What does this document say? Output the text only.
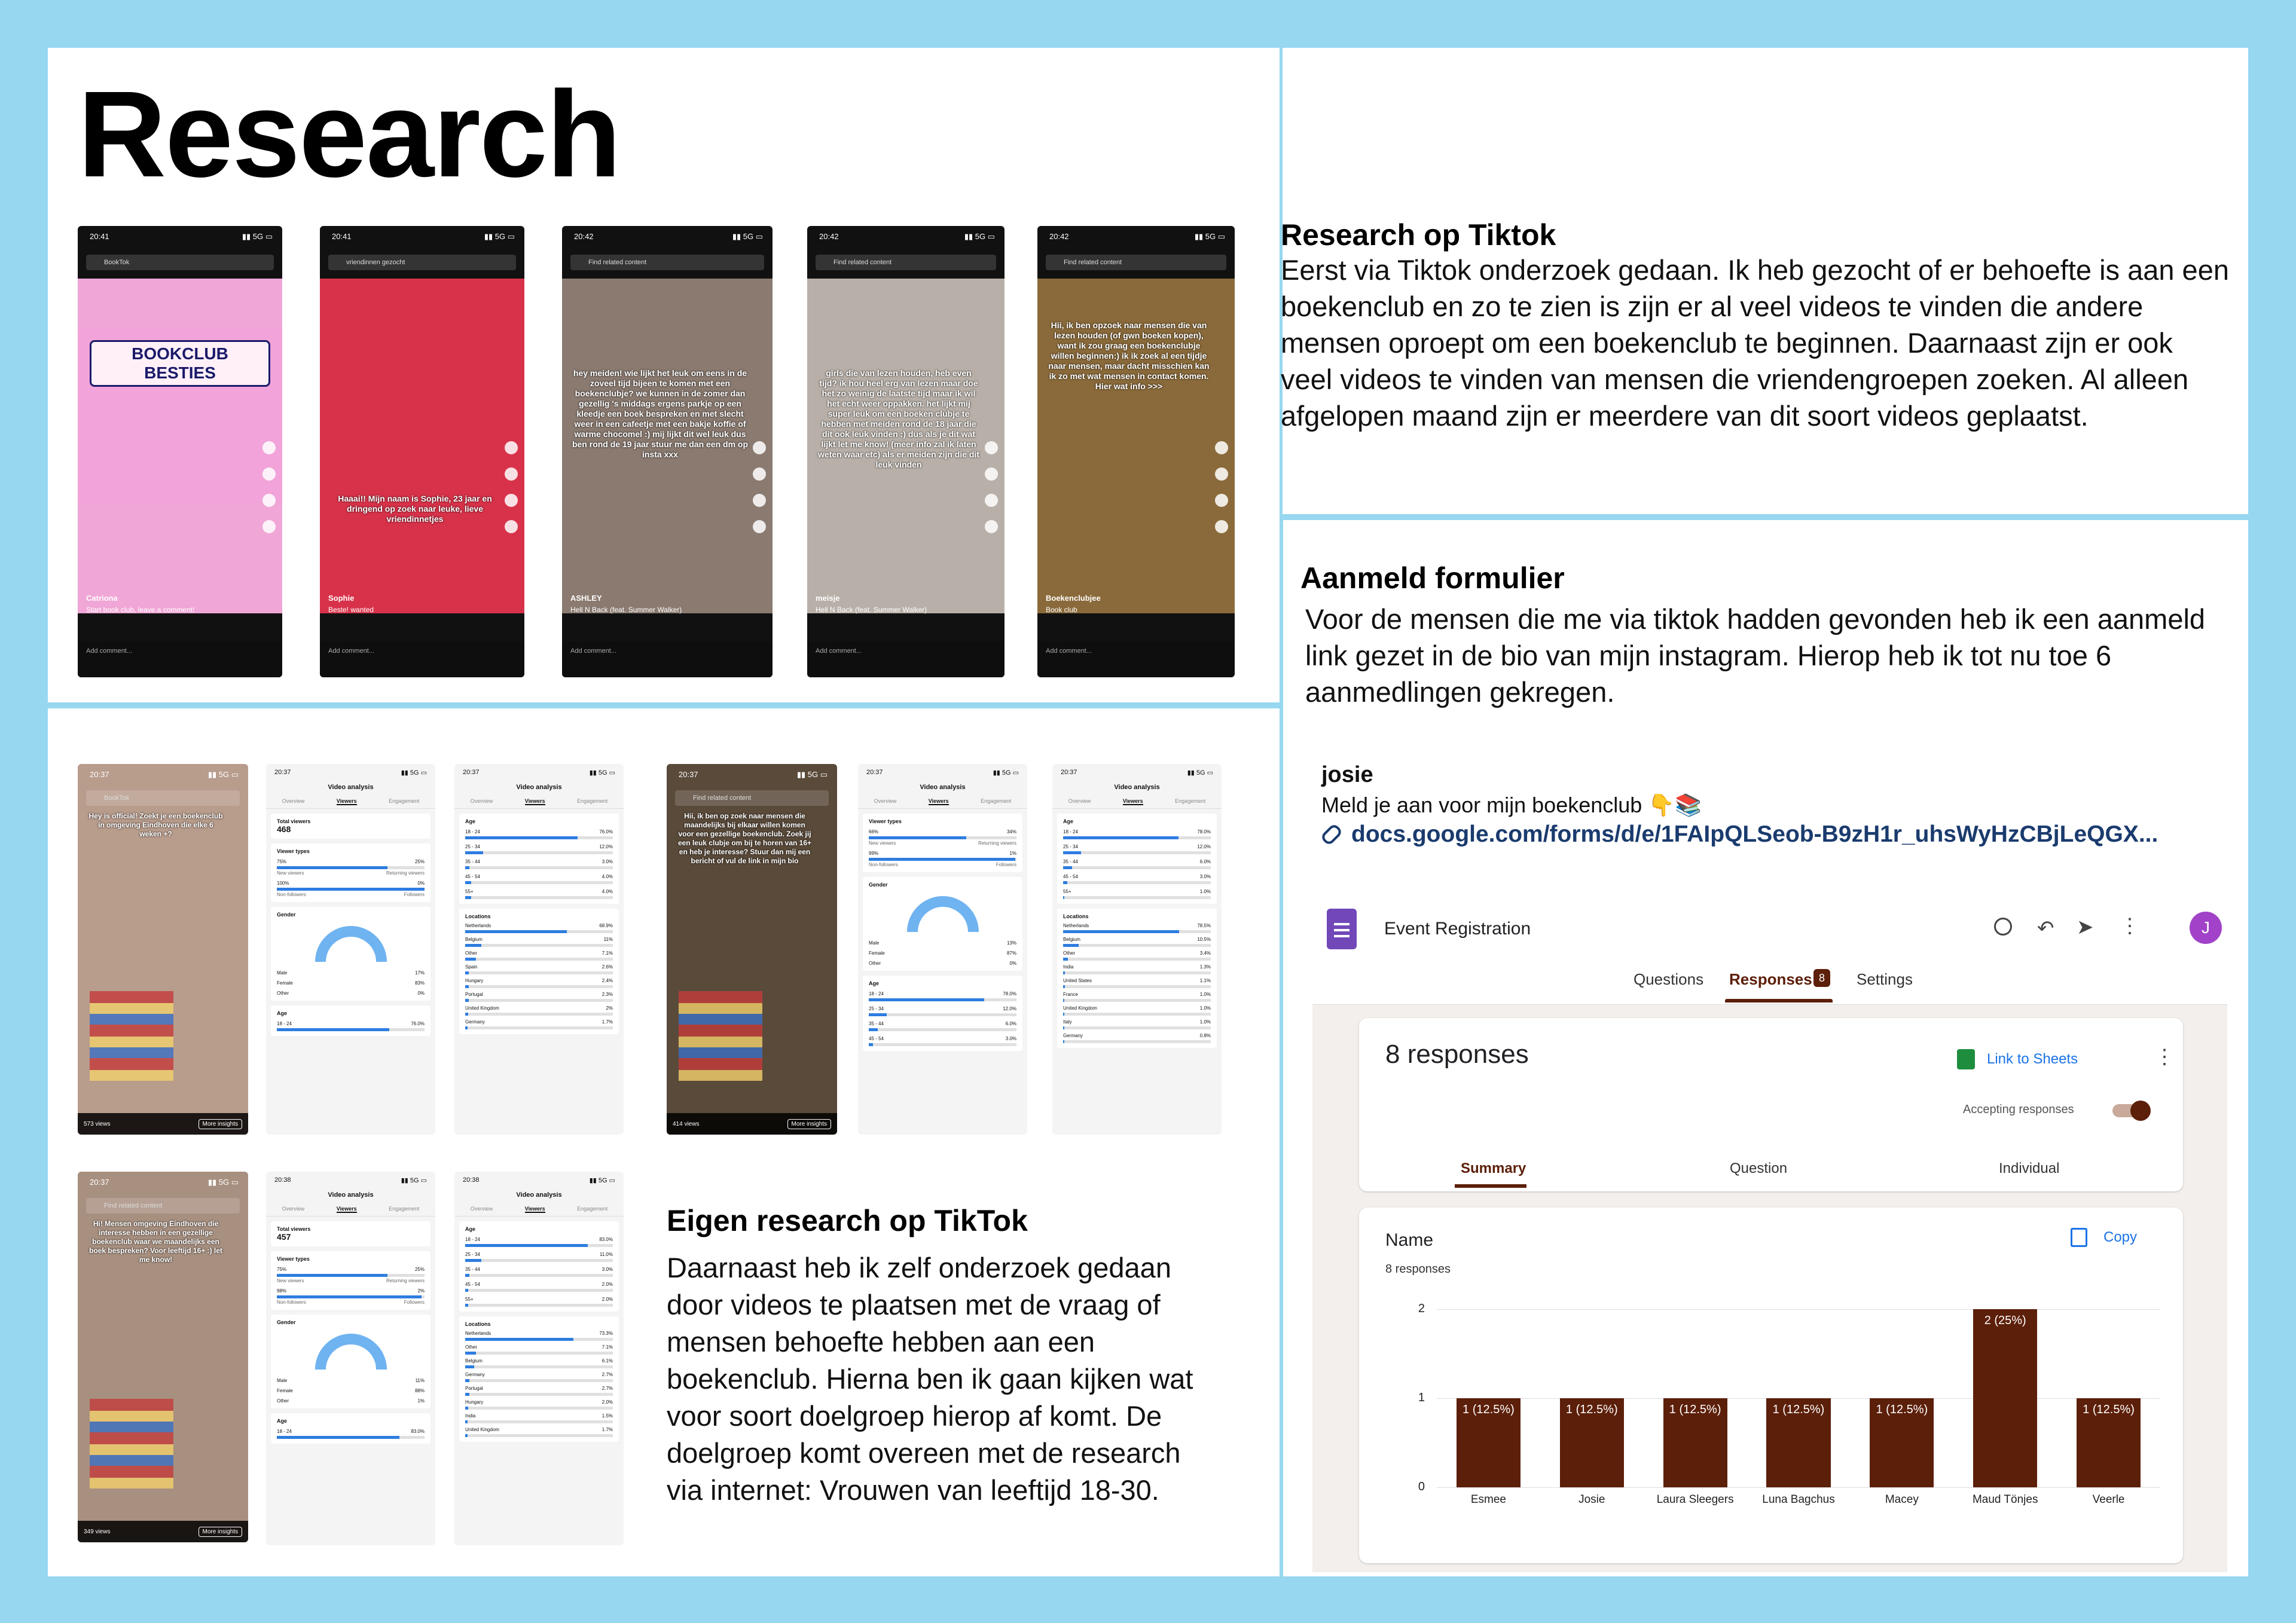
Research

Research op Tiktok

Eerst via Tiktok onderzoek gedaan. Ik heb gezocht of er behoefte is aan een boekenclub en zo te zien is zijn er al veel videos te vinden die andere mensen oproept om een boekenclub te beginnen. Daarnaast zijn er ook veel videos te vinden van mensen die vriendengroepen zoeken. Al alleen afgelopen maand zijn er meerdere van dit soort videos geplaatst.

Aanmeld formulier

Voor de mensen die me via tiktok hadden gevonden heb ik een aanmeld link gezet in de bio van mijn instagram. Hierop heb ik tot nu toe 6 aanmedlingen gekregen.

josie
Meld je aan voor mijn boekenclub 👇📚
docs.google.com/forms/d/e/1FAIpQLSeob-B9zH1r_uhsWyHzCBjLeQGX...

Eigen research op TikTok

Daarnaast heb ik zelf onderzoek gedaan door videos te plaatsen met de vraag of mensen behoefte hebben aan een boekenclub. Hierna ben ik gaan kijken wat voor soort doelgroep hierop af komt. De doelgroep komt overeen met de research via internet: Vrouwen van leeftijd 18-30.

20:41	▮▮ 5G ▭
BookTok
BOOKCLUB BESTIES
Catriona
Start book club, leave a comment!
Add comment...
20:41	▮▮ 5G ▭
vriendinnen gezocht
Haaai!! Mijn naam is Sophie, 23 jaar en dringend op zoek naar leuke, lieve vriendinnetjes
Sophie
Beste! wanted
Add comment...
20:42	▮▮ 5G ▭
Find related content
hey meiden! wie lijkt het leuk om eens in de zoveel tijd bijeen te komen met een boekenclubje? we kunnen in de zomer dan gezellig 's middags ergens parkje op een kleedje een boek bespreken en met slecht weer in een cafeetje met een bakje koffie of warme chocomel :) mij lijkt dit wel leuk dus ben rond de 19 jaar stuur me dan een dm op insta xxx
ASHLEY
Hell N Back (feat. Summer Walker)
Add comment...
20:42	▮▮ 5G ▭
Find related content
girls die van lezen houden, heb even tijd? ik hou heel erg van lezen maar doe het zo weinig de laatste tijd maar ik wil het echt weer oppakken. het lijkt mij super leuk om een boeken clubje te hebben met meiden rond de 18 jaar die dit ook leuk vinden :) dus als je dit wat lijkt let me know! (meer info zal ik laten weten waar etc) als er meiden zijn die dit leuk vinden
meisje
Hell N Back (feat. Summer Walker)
Add comment...
20:42	▮▮ 5G ▭
Find related content
Hii, ik ben opzoek naar mensen die van lezen houden (of gwn boeken kopen), want ik zou graag een boekenclubje willen beginnen:) ik ik zoek al een tijdje naar mensen, maar dacht misschien kan ik zo met wat mensen in contact komen. Hier wat info >>>
Boekenclubjee
Book club
Add comment...
20:37	▮▮ 5G ▭
BookTok
Hey is official! Zoekt je een boekenclub in omgeving Eindhoven die elke 6 weken +?
573 views	More insights
20:37	▮▮ 5G ▭
Find related content
Hii, ik ben op zoek naar mensen die maandelijks bij elkaar willen komen voor een gezellige boekenclub. Zoek jij een leuk clubje om bij te horen van 16+ en heb je interesse? Stuur dan mij een bericht of vul de link in mijn bio
414 views	More insights
20:37	▮▮ 5G ▭
Find related content
Hi! Mensen omgeving Eindhoven die interesse hebben in een gezellige boekenclub waar we maandelijks een boek bespreken? Voor leeftijd 16+ :) let me know!
349 views	More insights
20:37	▮▮ 5G ▭
Video analysis
Overview	Viewers	Engagement
Total viewers
468
Viewer types
75%	25%
New viewers	Returning viewers
100%	0%
Non-followers	Followers
Gender
Male	17%
Female	83%
Other	0%
Age
18 - 24	76.0%
20:37	▮▮ 5G ▭
Video analysis
Overview	Viewers	Engagement
Age
18 - 24	76.0%
25 - 34	12.0%
35 - 44	3.0%
45 - 54	4.0%
55+	4.0%
Locations
Netherlands	68.9%
Belgium	11%
Other	7.1%
Spain	2.6%
Hungary	2.4%
Portugal	2.3%
United Kingdom	2%
Germany	1.7%
20:37	▮▮ 5G ▭
Video analysis
Overview	Viewers	Engagement
Viewer types
66%	34%
New viewers	Returning viewers
99%	1%
Non-followers	Followers
Gender
Male	13%
Female	87%
Other	0%
Age
18 - 24	78.0%
25 - 34	12.0%
35 - 44	6.0%
45 - 54	3.0%
20:37	▮▮ 5G ▭
Video analysis
Overview	Viewers	Engagement
Age
18 - 24	78.0%
25 - 34	12.0%
35 - 44	6.0%
45 - 54	3.0%
55+	1.0%
Locations
Netherlands	78.5%
Belgium	10.5%
Other	3.4%
India	1.3%
United States	1.1%
France	1.0%
United Kingdom	1.0%
Italy	1.0%
Germany	0.8%
20:38	▮▮ 5G ▭
Video analysis
Overview	Viewers	Engagement
Total viewers
457
Viewer types
75%	25%
New viewers	Returning viewers
98%	2%
Non-followers	Followers
Gender
Male	11%
Female	88%
Other	1%
Age
18 - 24	83.0%
20:38	▮▮ 5G ▭
Video analysis
Overview	Viewers	Engagement
Age
18 - 24	83.0%
25 - 34	11.0%
35 - 44	3.0%
45 - 54	2.0%
55+	2.0%
Locations
Netherlands	73.3%
Other	7.1%
Belgium	6.1%
Germany	2.7%
Portugal	2.7%
Hungary	2.0%
India	1.5%
United Kingdom	1.7%
Event Registration	↶ ➤ ⋮	J
Questions Responses 8	Settings
8 responses	Link to Sheets	⋮
Accepting responses
Summary	Question	Individual
Name
8 responses
Copy
0
1
2
1 (12.5%)
Esmee
1 (12.5%)
Josie
1 (12.5%)
Laura Sleegers
1 (12.5%)
Luna Bagchus
1 (12.5%)
Macey
2 (25%)
Maud Tönjes
1 (12.5%)
Veerle
